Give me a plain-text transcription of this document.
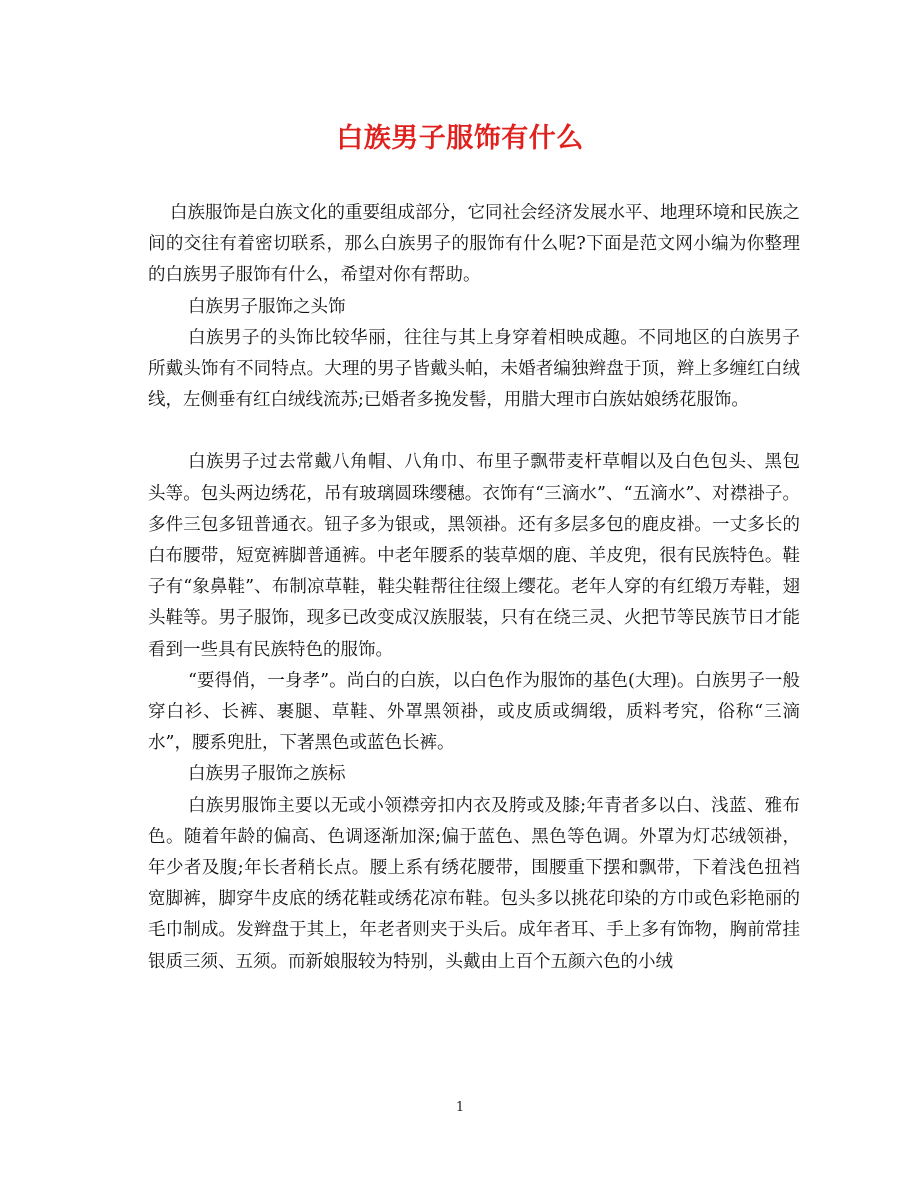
白族男子服饰有什么

白族服饰是白族文化的重要组成部分，它同社会经济发展水平、地理环境和民族之间的交往有着密切联系，那么白族男子的服饰有什么呢?下面是范文网小编为你整理的白族男子服饰有什么，希望对你有帮助。

白族男子服饰之头饰

白族男子的头饰比较华丽，往往与其上身穿着相映成趣。不同地区的白族男子所戴头饰有不同特点。大理的男子皆戴头帕，未婚者编独辫盘于顶，辫上多缠红白绒线，左侧垂有红白绒线流苏;已婚者多挽发髻，用腊大理市白族姑娘绣花服饰。

白族男子过去常戴八角帽、八角巾、布里子飘带麦杆草帽以及白色包头、黑包头等。包头两边绣花，吊有玻璃圆珠缨穗。衣饰有“三滴水”、“五滴水”、对襟褂子。多件三包多钮普通衣。钮子多为银或，黑领褂。还有多层多包的鹿皮褂。一丈多长的白布腰带，短宽裤脚普通裤。中老年腰系的装草烟的鹿、羊皮兜，很有民族特色。鞋子有“象鼻鞋”、布制凉草鞋，鞋尖鞋帮往往缀上缨花。老年人穿的有红缎万寿鞋，翅头鞋等。男子服饰，现多已改变成汉族服装，只有在绕三灵、火把节等民族节日才能看到一些具有民族特色的服饰。

“要得俏，一身孝”。尚白的白族，以白色作为服饰的基色(大理)。白族男子一般穿白衫、长裤、裹腿、草鞋、外罩黑领褂，或皮质或绸缎，质料考究，俗称“三滴水”，腰系兜肚，下著黑色或蓝色长裤。

白族男子服饰之族标

白族男服饰主要以无或小领襟旁扣内衣及胯或及膝;年青者多以白、浅蓝、雅布色。随着年龄的偏高、色调逐渐加深;偏于蓝色、黑色等色调。外罩为灯芯绒领褂，年少者及腹;年长者稍长点。腰上系有绣花腰带，围腰重下摆和飘带，下着浅色扭裆宽脚裤，脚穿牛皮底的绣花鞋或绣花凉布鞋。包头多以挑花印染的方巾或色彩艳丽的毛巾制成。发辫盘于其上，年老者则夹于头后。成年者耳、手上多有饰物，胸前常挂银质三须、五须。而新娘服较为特别，头戴由上百个五颜六色的小绒

1
